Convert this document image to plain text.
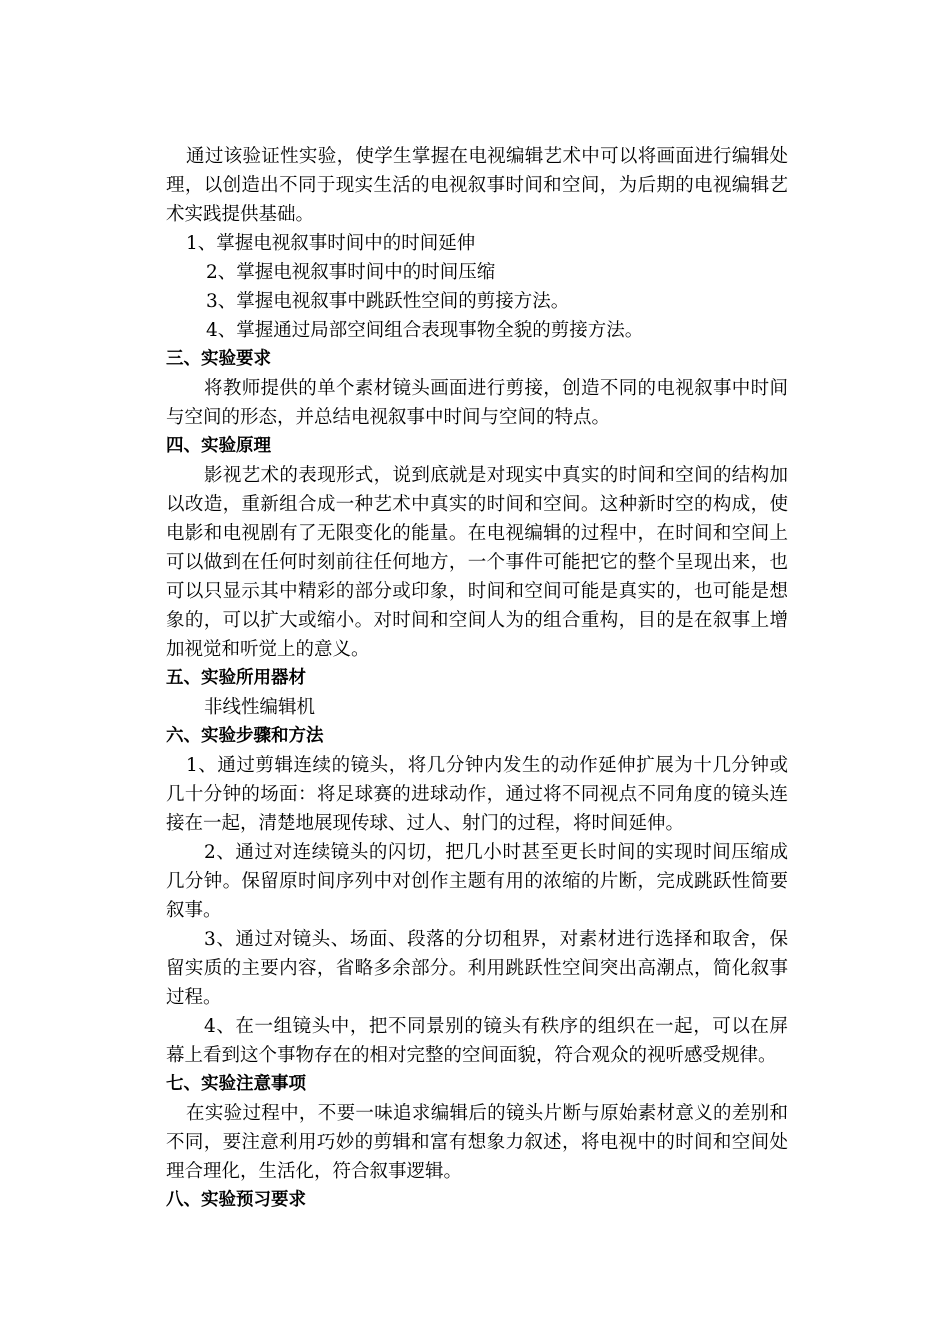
通过该验证性实验，使学生掌握在电视编辑艺术中可以将画面进行编辑处理，以创造出不同于现实生活的电视叙事时间和空间，为后期的电视编辑艺术实践提供基础。

1、掌握电视叙事时间中的时间延伸

2、掌握电视叙事时间中的时间压缩

3、掌握电视叙事中跳跃性空间的剪接方法。

4、掌握通过局部空间组合表现事物全貌的剪接方法。

三、实验要求

将教师提供的单个素材镜头画面进行剪接，创造不同的电视叙事中时间与空间的形态，并总结电视叙事中时间与空间的特点。

四、实验原理

影视艺术的表现形式，说到底就是对现实中真实的时间和空间的结构加以改造，重新组合成一种艺术中真实的时间和空间。这种新时空的构成，使电影和电视剧有了无限变化的能量。在电视编辑的过程中，在时间和空间上可以做到在任何时刻前往任何地方，一个事件可能把它的整个呈现出来，也可以只显示其中精彩的部分或印象，时间和空间可能是真实的，也可能是想象的，可以扩大或缩小。对时间和空间人为的组合重构，目的是在叙事上增加视觉和听觉上的意义。

五、实验所用器材

非线性编辑机

六、实验步骤和方法

1、通过剪辑连续的镜头，将几分钟内发生的动作延伸扩展为十几分钟或几十分钟的场面：将足球赛的进球动作，通过将不同视点不同角度的镜头连接在一起，清楚地展现传球、过人、射门的过程，将时间延伸。

2、通过对连续镜头的闪切，把几小时甚至更长时间的实现时间压缩成几分钟。保留原时间序列中对创作主题有用的浓缩的片断，完成跳跃性简要叙事。

3、通过对镜头、场面、段落的分切租界，对素材进行选择和取舍，保留实质的主要内容，省略多余部分。利用跳跃性空间突出高潮点，简化叙事过程。

4、在一组镜头中，把不同景别的镜头有秩序的组织在一起，可以在屏幕上看到这个事物存在的相对完整的空间面貌，符合观众的视听感受规律。

七、实验注意事项

在实验过程中，不要一味追求编辑后的镜头片断与原始素材意义的差别和不同，要注意利用巧妙的剪辑和富有想象力叙述，将电视中的时间和空间处理合理化，生活化，符合叙事逻辑。

八、实验预习要求
